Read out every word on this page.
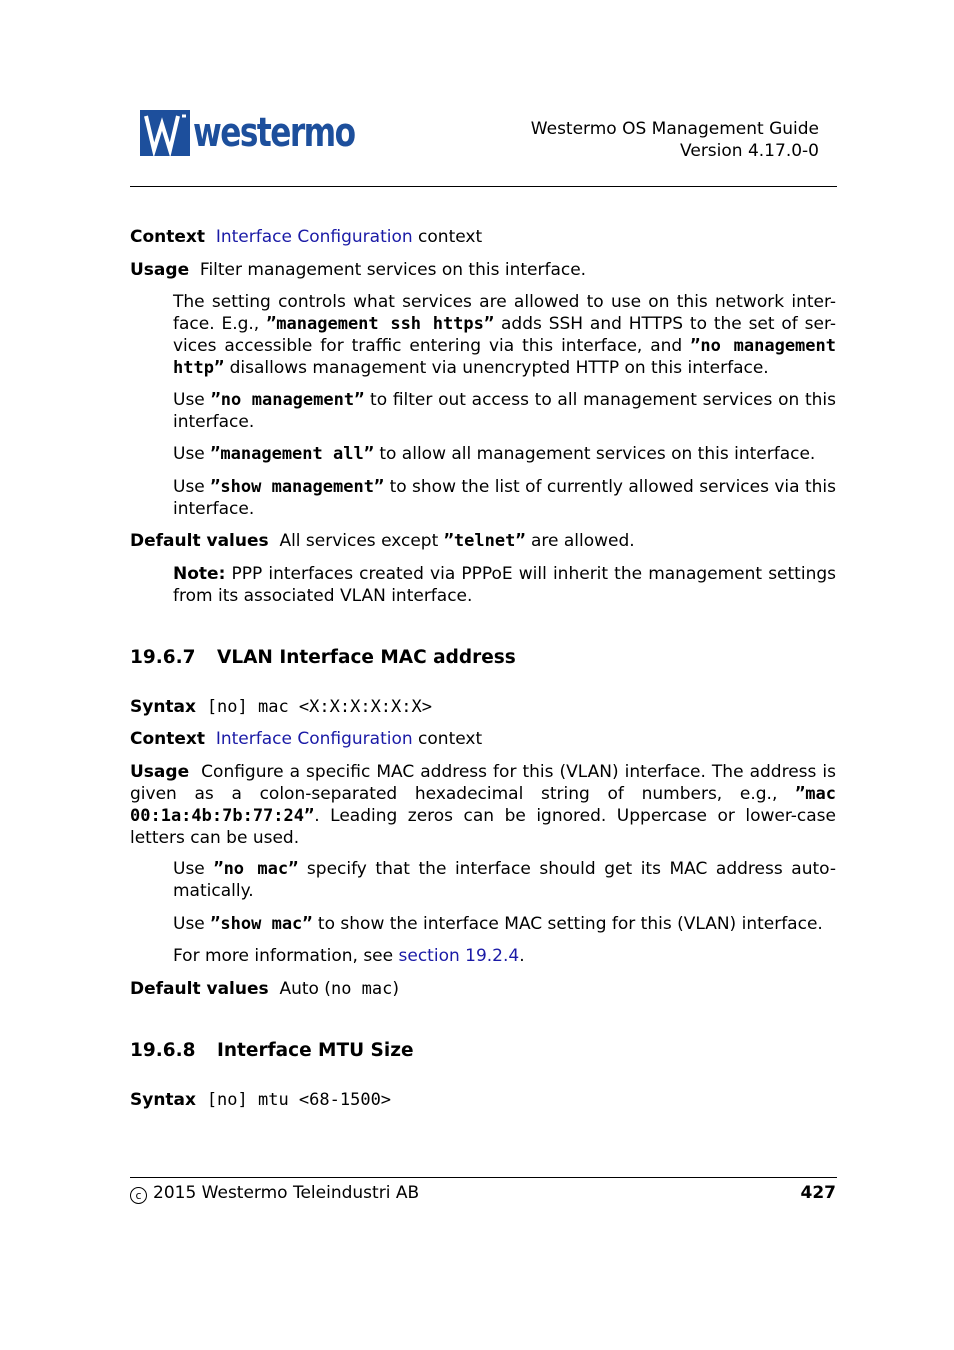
westermo	Westermo OS Management Guide
Version 4.17.0-0
Context Interface Configuration context
Usage Filter management services on this interface.
The setting controls what services are allowed to use on this network inter-face. E.g., ”management ssh https” adds SSH and HTTPS to the set of ser-vices accessible for traffic entering via this interface, and ”no management http” disallows management via unencrypted HTTP on this interface.
Use ”no management” to filter out access to all management services on this interface.
Use ”management all” to allow all management services on this interface.
Use ”show management” to show the list of currently allowed services via this interface.
Default values All services except ”telnet” are allowed.
Note: PPP interfaces created via PPPoE will inherit the management settings from its associated VLAN interface.
19.6.7 VLAN Interface MAC address
Syntax [no] mac <X:X:X:X:X:X>
Context Interface Configuration context
Usage Configure a specific MAC address for this (VLAN) interface. The address is given as a colon-separated hexadecimal string of numbers, e.g., ”mac 00:1a:4b:7b:77:24”. Leading zeros can be ignored. Uppercase or lower-case letters can be used.
Use ”no mac” specify that the interface should get its MAC address auto-matically.
Use ”show mac” to show the interface MAC setting for this (VLAN) interface.
For more information, see section 19.2.4.
Default values Auto (no mac)
19.6.8 Interface MTU Size
Syntax [no] mtu <68-1500>
c 2015 Westermo Teleindustri AB	427
